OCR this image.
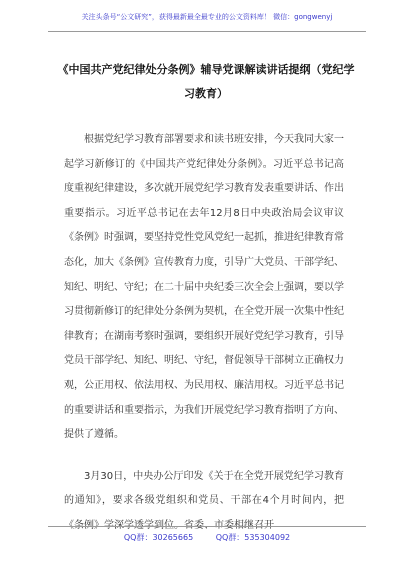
关注头条号“公文研究”，获得最新最全最专业的公文资料库！ 微信：gongwenyj
《中国共产党纪律处分条例》辅导党课解读讲话提纲（党纪学习教育）

根据党纪学习教育部署要求和读书班安排，今天我同大家一起学习新修订的《中国共产党纪律处分条例》。习近平总书记高度重视纪律建设，多次就开展党纪学习教育发表重要讲话、作出重要指示。习近平总书记在去年12月8日中央政治局会议审议《条例》时强调，要坚持党性党风党纪一起抓，推进纪律教育常态化，加大《条例》宣传教育力度，引导广大党员、干部学纪、知纪、明纪、守纪；在二十届中央纪委三次全会上强调，要以学习贯彻新修订的纪律处分条例为契机，在全党开展一次集中性纪律教育；在湖南考察时强调，要组织开展好党纪学习教育，引导党员干部学纪、知纪、明纪、守纪，督促领导干部树立正确权力观，公正用权、依法用权、为民用权、廉洁用权。习近平总书记的重要讲话和重要指示，为我们开展党纪学习教育指明了方向、提供了遵循。

3月30日，中央办公厅印发《关于在全党开展党纪学习教育的通知》，要求各级党组织和党员、干部在4个月时间内，把

QQ群：30265665	QQ群：535304092
